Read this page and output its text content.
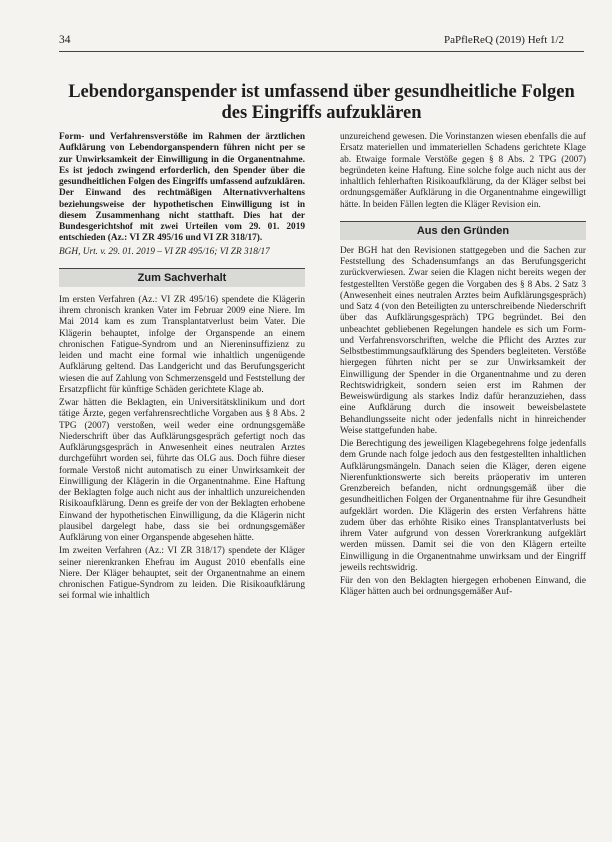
34	PaPfleReQ (2019) Heft 1/2
Lebendorganspender ist umfassend über gesundheitliche Folgen des Eingriffs aufzuklären

Form- und Verfahrensverstöße im Rahmen der ärztlichen Aufklärung von Lebendorganspendern führen nicht per se zur Unwirksamkeit der Einwilligung in die Organentnahme. Es ist jedoch zwingend erforderlich, den Spender über die gesundheitlichen Folgen des Eingriffs umfassend aufzuklären. Der Einwand des rechtmäßigen Alternativverhaltens beziehungsweise der hypothetischen Einwilligung ist in diesem Zusammenhang nicht statthaft. Dies hat der Bundesgerichtshof mit zwei Urteilen vom 29. 01. 2019 entschieden (Az.: VI ZR 495/16 und VI ZR 318/17).

BGH, Urt. v. 29. 01. 2019 – VI ZR 495/16; VI ZR 318/17

Zum Sachverhalt

Im ersten Verfahren (Az.: VI ZR 495/16) spendete die Klägerin ihrem chronisch kranken Vater im Februar 2009 eine Niere. Im Mai 2014 kam es zum Transplantatverlust beim Vater. Die Klägerin behauptet, infolge der Organspende an einem chronischen Fatigue-Syndrom und an Niereninsuffizienz zu leiden und macht eine formal wie inhaltlich ungenügende Aufklärung geltend. Das Landgericht und das Berufungsgericht wiesen die auf Zahlung von Schmerzensgeld und Feststellung der Ersatzpflicht für künftige Schäden gerichtete Klage ab.

Zwar hätten die Beklagten, ein Universitätsklinikum und dort tätige Ärzte, gegen verfahrensrechtliche Vorgaben aus § 8 Abs. 2 TPG (2007) verstoßen, weil weder eine ordnungsgemäße Niederschrift über das Aufklärungsgespräch gefertigt noch das Aufklärungsgespräch in Anwesenheit eines neutralen Arztes durchgeführt worden sei, führte das OLG aus. Doch führe dieser formale Verstoß nicht automatisch zu einer Unwirksamkeit der Einwilligung der Klägerin in die Organentnahme. Eine Haftung der Beklagten folge auch nicht aus der inhaltlich unzureichenden Risikoaufklärung. Denn es greife der von der Beklagten erhobene Einwand der hypothetischen Einwilligung, da die Klägerin nicht plausibel dargelegt habe, dass sie bei ordnungsgemäßer Aufklärung von einer Organspende abgesehen hätte.

Im zweiten Verfahren (Az.: VI ZR 318/17) spendete der Kläger seiner nierenkranken Ehefrau im August 2010 ebenfalls eine Niere. Der Kläger behauptet, seit der Organentnahme an einem chronischen Fatigue-Syndrom zu leiden. Die Risikoaufklärung sei formal wie inhaltlich

unzureichend gewesen. Die Vorinstanzen wiesen ebenfalls die auf Ersatz materiellen und immateriellen Schadens gerichtete Klage ab. Etwaige formale Verstöße gegen § 8 Abs. 2 TPG (2007) begründeten keine Haftung. Eine solche folge auch nicht aus der inhaltlich fehlerhaften Risikoaufklärung, da der Kläger selbst bei ordnungsgemäßer Aufklärung in die Organentnahme eingewilligt hätte. In beiden Fällen legten die Kläger Revision ein.

Aus den Gründen

Der BGH hat den Revisionen stattgegeben und die Sachen zur Feststellung des Schadensumfangs an das Berufungsgericht zurückverwiesen. Zwar seien die Klagen nicht bereits wegen der festgestellten Verstöße gegen die Vorgaben des § 8 Abs. 2 Satz 3 (Anwesenheit eines neutralen Arztes beim Aufklärungsgespräch) und Satz 4 (von den Beteiligten zu unterschreibende Niederschrift über das Aufklärungsgespräch) TPG begründet. Bei den unbeachtet gebliebenen Regelungen handele es sich um Form- und Verfahrensvorschriften, welche die Pflicht des Arztes zur Selbstbestimmungsaufklärung des Spenders begleiteten. Verstöße hiergegen führten nicht per se zur Unwirksamkeit der Einwilligung der Spender in die Organentnahme und zu deren Rechtswidrigkeit, sondern seien erst im Rahmen der Beweiswürdigung als starkes Indiz dafür heranzuziehen, dass eine Aufklärung durch die insoweit beweisbelastete Behandlungsseite nicht oder jedenfalls nicht in hinreichender Weise stattgefunden habe.

Die Berechtigung des jeweiligen Klagebegehrens folge jedenfalls dem Grunde nach folge jedoch aus den festgestellten inhaltlichen Aufklärungsmängeln. Danach seien die Kläger, deren eigene Nierenfunktionswerte sich bereits präoperativ im unteren Grenzbereich befanden, nicht ordnungsgemäß über die gesundheitlichen Folgen der Organentnahme für ihre Gesundheit aufgeklärt worden. Die Klägerin des ersten Verfahrens hätte zudem über das erhöhte Risiko eines Transplantatverlusts bei ihrem Vater aufgrund von dessen Vorerkrankung aufgeklärt werden müssen. Damit sei die von den Klägern erteilte Einwilligung in die Organentnahme unwirksam und der Eingriff jeweils rechtswidrig.

Für den von den Beklagten hiergegen erhobenen Einwand, die Kläger hätten auch bei ordnungsgemäßer Auf-
